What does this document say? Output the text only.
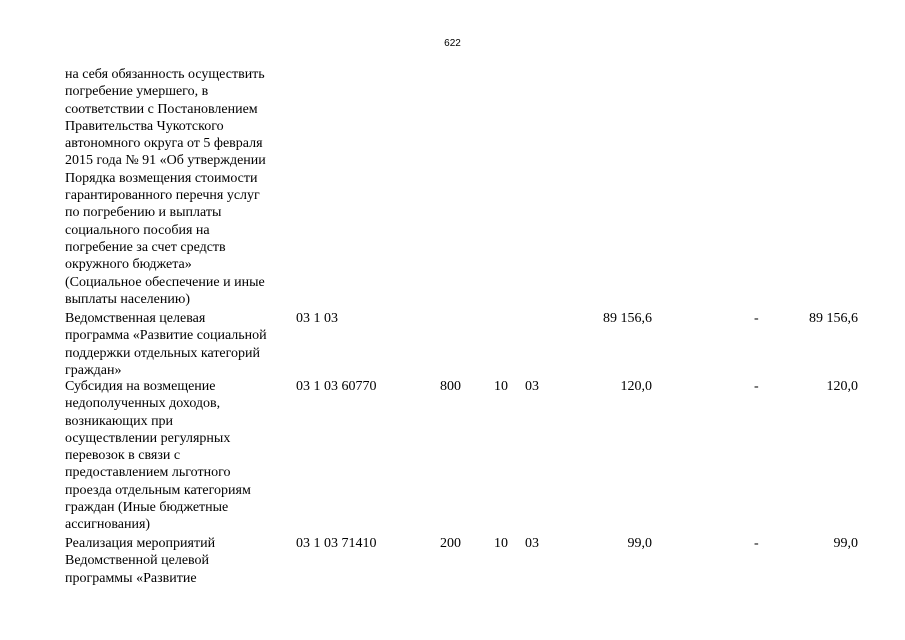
622
на себя обязанность осуществить
погребение умершего, в
соответствии с Постановлением
Правительства Чукотского
автономного округа от 5 февраля
2015 года № 91 «Об утверждении
Порядка возмещения стоимости
гарантированного перечня услуг
по погребению и выплаты
социального пособия на
погребение за счет средств
окружного бюджета»
(Социальное обеспечение и иные
выплаты населению)
Ведомственная целевая
программа «Развитие социальной
поддержки отдельных категорий
граждан»
03 1 03	89 156,6	-	89 156,6
Субсидия на возмещение
недополученных доходов,
возникающих при
осуществлении регулярных
перевозок в связи с
предоставлением льготного
проезда отдельным категориям
граждан (Иные бюджетные
ассигнования)
03 1 03 60770	800 10 03	120,0	-	120,0
Реализация мероприятий
Ведомственной целевой
программы «Развитие
03 1 03 71410	200 10 03	99,0	-	99,0
